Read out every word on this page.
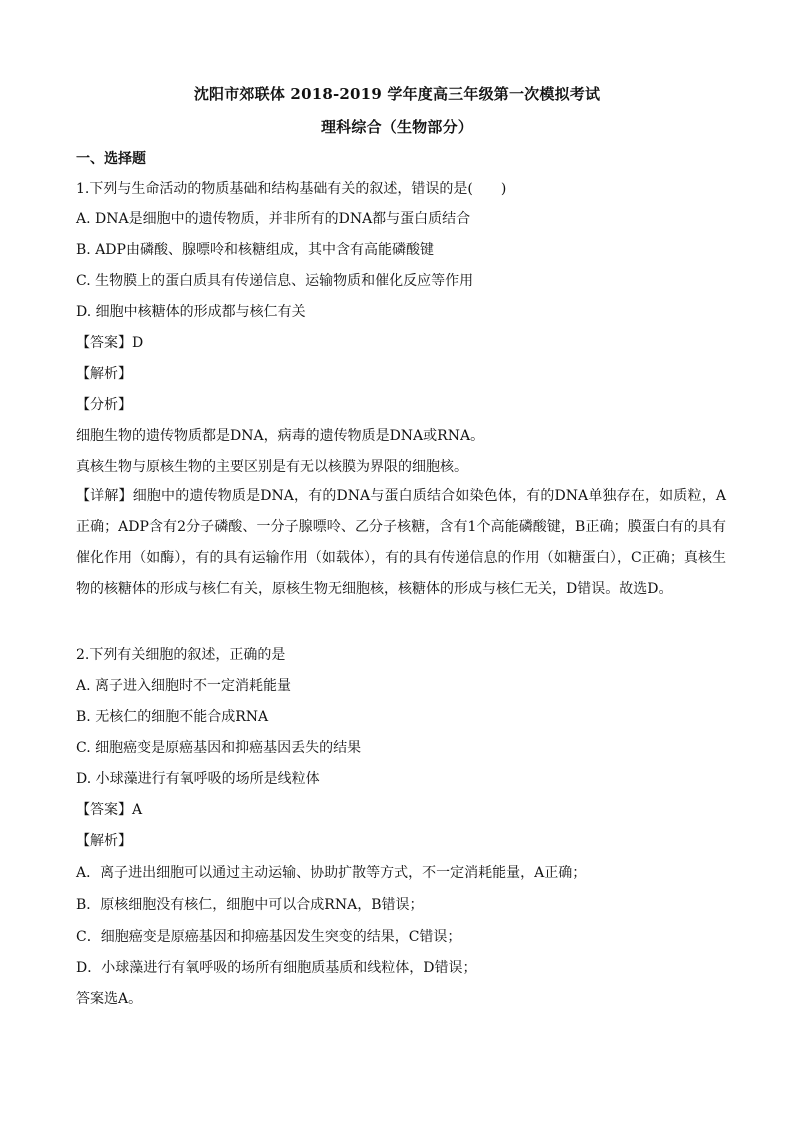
沈阳市郊联体 2018-2019 学年度高三年级第一次模拟考试
理科综合（生物部分）
一、选择题
1.下列与生命活动的物质基础和结构基础有关的叙述，错误的是(　　)
A. DNA是细胞中的遗传物质，并非所有的DNA都与蛋白质结合
B. ADP由磷酸、腺嘌呤和核糖组成，其中含有高能磷酸键
C. 生物膜上的蛋白质具有传递信息、运输物质和催化反应等作用
D. 细胞中核糖体的形成都与核仁有关
【答案】D
【解析】
【分析】
细胞生物的遗传物质都是DNA，病毒的遗传物质是DNA或RNA。
真核生物与原核生物的主要区别是有无以核膜为界限的细胞核。
【详解】细胞中的遗传物质是DNA，有的DNA与蛋白质结合如染色体，有的DNA单独存在，如质粒，A正确；ADP含有2分子磷酸、一分子腺嘌呤、乙分子核糖，含有1个高能磷酸键，B正确；膜蛋白有的具有催化作用（如酶），有的具有运输作用（如载体），有的具有传递信息的作用（如糖蛋白），C正确；真核生物的核糖体的形成与核仁有关，原核生物无细胞核，核糖体的形成与核仁无关，D错误。故选D。
2.下列有关细胞的叙述，正确的是
A. 离子进入细胞时不一定消耗能量
B. 无核仁的细胞不能合成RNA
C. 细胞癌变是原癌基因和抑癌基因丢失的结果
D. 小球藻进行有氧呼吸的场所是线粒体
【答案】A
【解析】
A．离子进出细胞可以通过主动运输、协助扩散等方式，不一定消耗能量，A正确；
B．原核细胞没有核仁，细胞中可以合成RNA，B错误；
C．细胞癌变是原癌基因和抑癌基因发生突变的结果，C错误；
D．小球藻进行有氧呼吸的场所有细胞质基质和线粒体，D错误；
答案选A。
